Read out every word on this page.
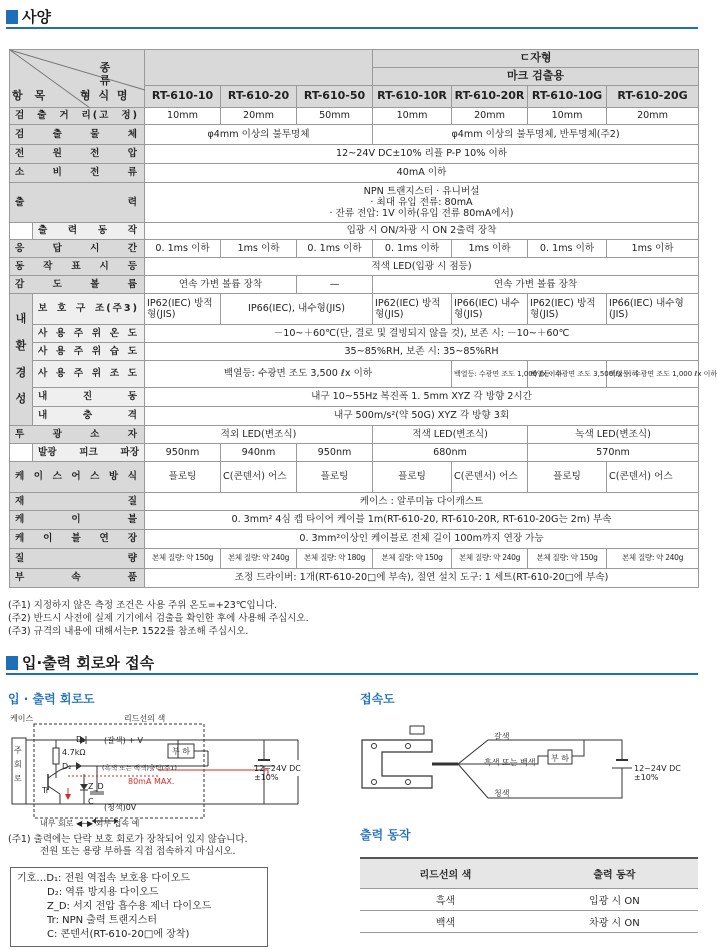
사양
종 류
항 목 형 식 명					ㄷ자형			
					마크 검출용			
		RT-610-10	RT-610-20	RT-610-50	RT-610-10R	RT-610-20R	RT-610-10G	RT-610-20G
검 출 거 리(고 정)		10mm	20mm	50mm	10mm	20mm	10mm	20mm
검 출 물 체		φ4mm 이상의 불투명체			φ4mm 이상의 불투명체, 반투명체(주2)			
전 원 전 압		12~24V DC±10% 리플 P-P 10% 이하						
소 비 전 류		40mA 이하						
출 력		NPN 트랜지스터 · 유니버설
· 최대 유입 전류: 80mA
· 잔류 전압: 1V 이하(유입 전류 80mA에서)						

	출 력 동 작	입광 시 ON/차광 시 ON 2출력 장착						
응 답 시 간		0. 1ms 이하	1ms 이하	0. 1ms 이하	0. 1ms 이하	1ms 이하	0. 1ms 이하	1ms 이하
동 작 표 시 등		적색 LED(입광 시 점등)						
감 도 볼 륨		연속 가변 볼륨 장착		—	연속 가변 볼륨 장착			

내
환
경
성	보 호 구 조(주3)	IP62(IEC) 방적형(JIS)	IP66(IEC), 내수형(JIS)		IP62(IEC) 방적형(JIS)	IP66(IEC) 내수형(JIS)	IP62(IEC) 방적형(JIS)	IP66(IEC) 내수형(JIS)
	사 용 주 위 온 도	－10~＋60℃(단, 결로 및 결빙되지 않을 것), 보존 시: －10~＋60℃						
	사 용 주 위 습 도	35~85%RH, 보존 시: 35~85%RH						
	사 용 주 위 조 도	백열등: 수광면 조도 3,500 ℓx 이하				백열등: 수광면 조도 1,000 ℓx 이하	백열등: 수광면 조도 3,500 ℓx 이하	백열등: 수광면 조도 1,000 ℓx 이하
	내 진 동	내구 10~55Hz 복진폭 1. 5mm XYZ 각 방향 2시간						
	내 충 격	내구 500m/s²(약 50G) XYZ 각 방향 3회						
투 광 소 자		적외 LED(변조식)			적색 LED(변조식)		녹색 LED(변조식)	
	발광 피크 파장	950nm	940nm	950nm	680nm		570nm	
케 이 스 어 스 방 식		플로팅	C(콘덴서) 어스	플로팅	플로팅	C(콘덴서) 어스	플로팅	C(콘덴서) 어스
재 질		케이스 : 알루미늄 다이캐스트						
케 이 블		0. 3mm² 4심 캡 타이어 케이블 1m(RT-610-20, RT-610-20R, RT-610-20G는 2m) 부속						
케 이 블 연 장		0. 3mm²이상인 케이블로 전체 길이 100m까지 연장 가능						
질 량		본체 질량: 약 150g	본체 질량: 약 240g	본체 질량: 약 180g	본체 질량: 약 150g	본체 질량: 약 240g	본체 질량: 약 150g	본체 질량: 약 240g
부 속 품		조정 드라이버: 1개(RT-610-20□에 부속), 절연 설치 도구: 1 세트(RT-610-20□에 부속)						
(주1) 지정하지 않은 측정 조건은 사용 주위 온도=+23℃입니다.
(주2) 반드시 사전에 실제 기기에서 검출을 확인한 후에 사용해 주십시오.
(주3) 규격의 내용에 대해서는P. 1522를 참조해 주십시오.
입·출력 회로와 접속
입 · 출력 회로도	접속도
케이스	리드선의 색
주회로
(갈색) + V
(흑색 또는 백색)출력(주1)
(청색)0V
부 하
12~24V DC ±10%
80mA MAX.
D₁
D₂
4.7kΩ
Z_D
Tr
C
내부 회로 ◀─▶ 외부 접속 예
(주1) 출력에는 단락 보호 회로가 장착되어 있지 않습니다.
전원 또는 용량 부하를 직접 접속하지 마십시오.
갈색
흑색 또는 백색 부 하
청색
12~24V DC ±10%
출력 동작
리드선의 색	출력 동작
흑색	입광 시 ON
백색	차광 시 ON
기호…D₁: 전원 역접속 보호용 다이오드
D₂: 역류 방지용 다이오드
Z_D: 서지 전압 흡수용 제너 다이오드
Tr: NPN 출력 트랜지스터
C: 콘덴서(RT-610-20□에 장착)
